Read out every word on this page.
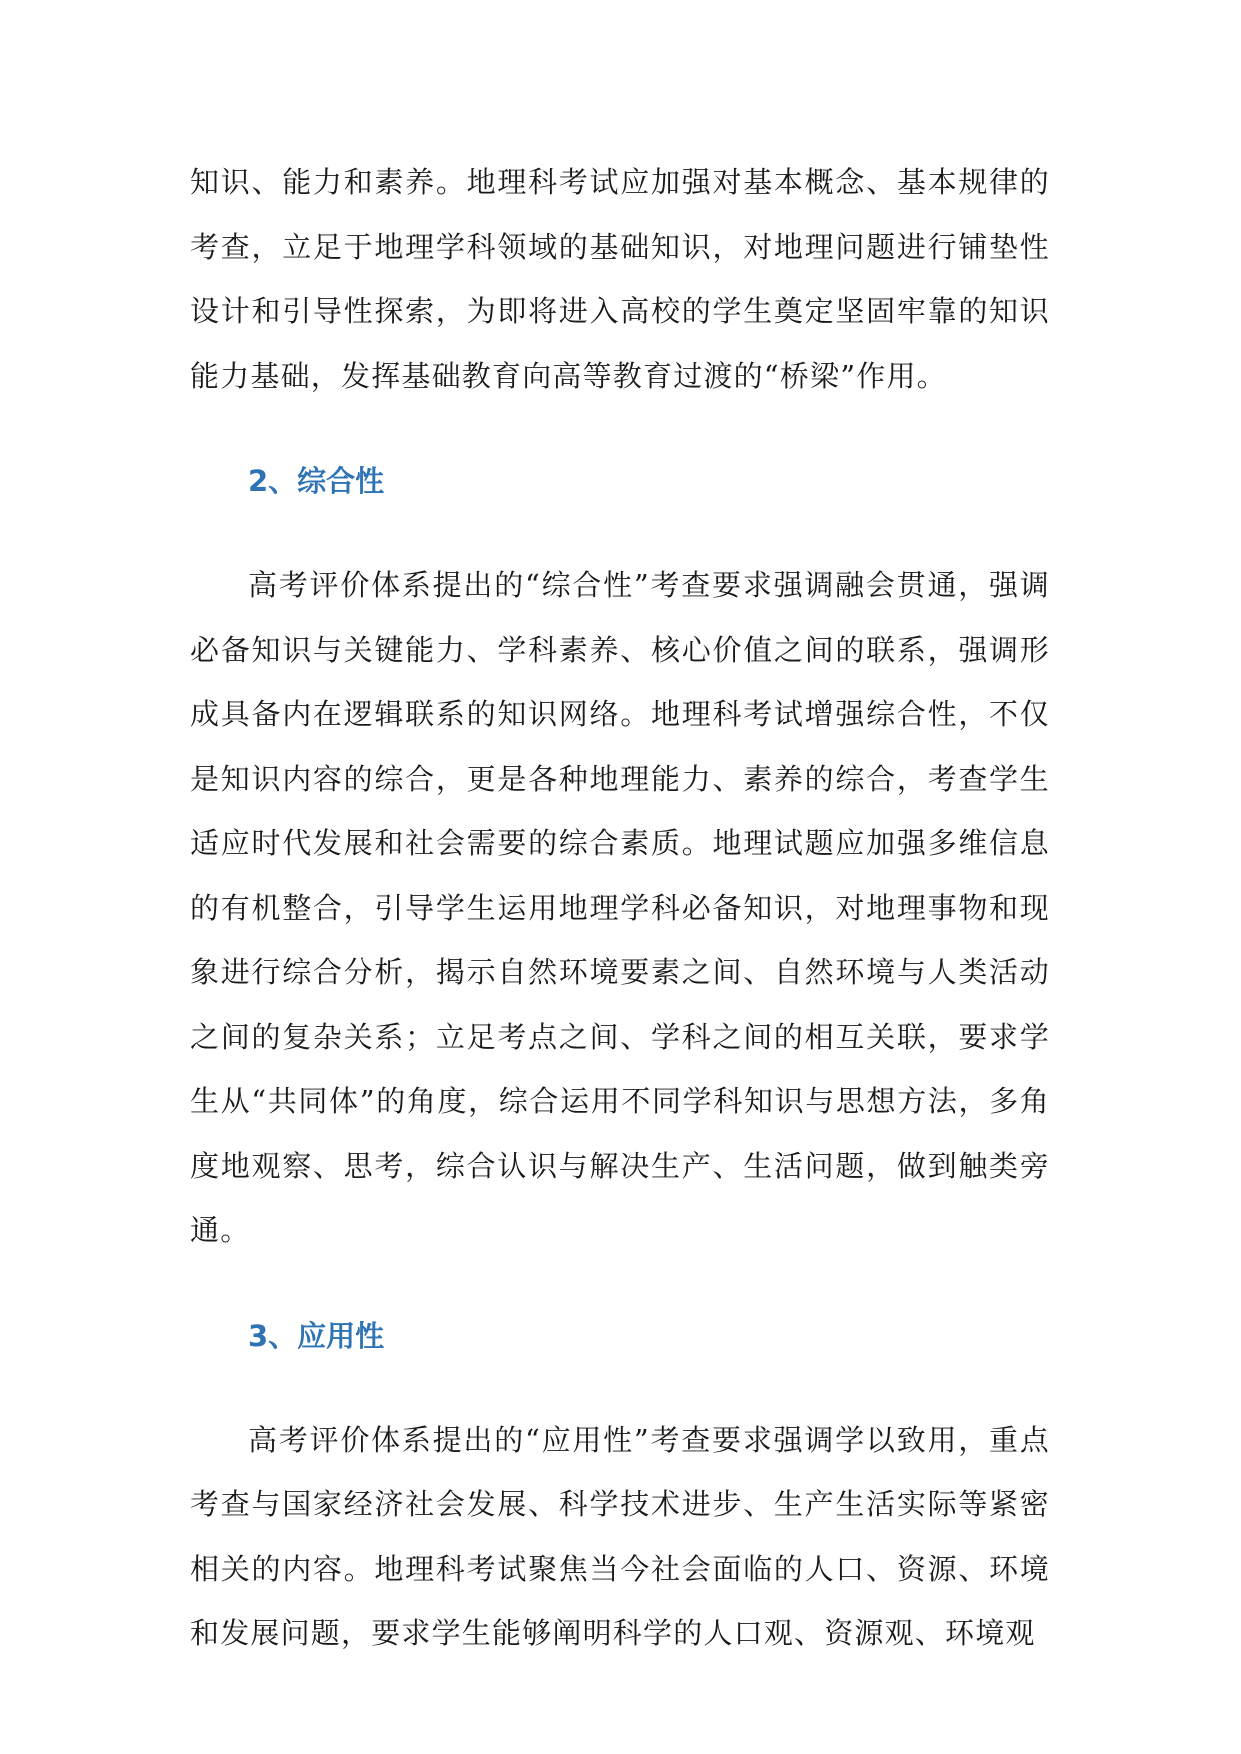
知识、能力和素养。地理科考试应加强对基本概念、基本规律的考查，立足于地理学科领域的基础知识，对地理问题进行铺垫性设计和引导性探索，为即将进入高校的学生奠定坚固牢靠的知识能力基础，发挥基础教育向高等教育过渡的“桥梁”作用。

2、综合性

高考评价体系提出的“综合性”考查要求强调融会贯通，强调必备知识与关键能力、学科素养、核心价值之间的联系，强调形成具备内在逻辑联系的知识网络。地理科考试增强综合性，不仅是知识内容的综合，更是各种地理能力、素养的综合，考查学生适应时代发展和社会需要的综合素质。地理试题应加强多维信息的有机整合，引导学生运用地理学科必备知识，对地理事物和现象进行综合分析，揭示自然环境要素之间、自然环境与人类活动之间的复杂关系；立足考点之间、学科之间的相互关联，要求学生从“共同体”的角度，综合运用不同学科知识与思想方法，多角度地观察、思考，综合认识与解决生产、生活问题，做到触类旁通。

3、应用性

高考评价体系提出的“应用性”考查要求强调学以致用，重点考查与国家经济社会发展、科学技术进步、生产生活实际等紧密相关的内容。地理科考试聚焦当今社会面临的人口、资源、环境和发展问题，要求学生能够阐明科学的人口观、资源观、环境观
